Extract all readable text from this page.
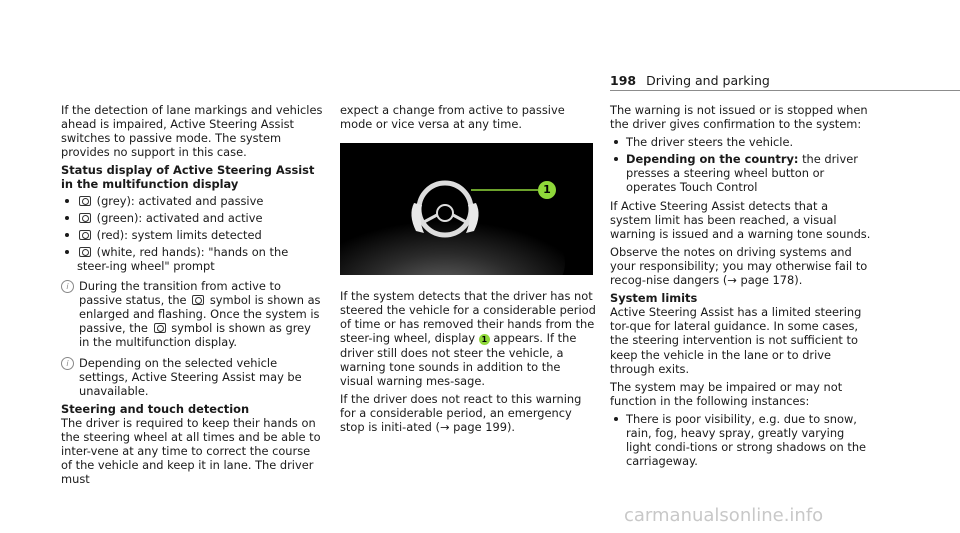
198 Driving and parking

If the detection of lane markings and vehicles ahead is impaired, Active Steering Assist switches to passive mode. The system provides no support in this case.

Status display of Active Steering Assist in the multifunction display
(grey): activated and passive
(green): activated and active
(red): system limits detected
(white, red hands): "hands on the steer-ing wheel" prompt
i During the transition from active to passive status, the symbol is shown as enlarged and flashing. Once the system is passive, the symbol is shown as grey in the multifunction display.
i Depending on the selected vehicle settings, Active Steering Assist may be unavailable.
Steering and touch detection

The driver is required to keep their hands on the steering wheel at all times and be able to inter-vene at any time to correct the course of the vehicle and keep it in lane. The driver must

expect a change from active to passive mode or vice versa at any time.

1

If the system detects that the driver has not steered the vehicle for a considerable period of time or has removed their hands from the steer-ing wheel, display 1 appears. If the driver still does not steer the vehicle, a warning tone sounds in addition to the visual warning mes-sage.

If the driver does not react to this warning for a considerable period, an emergency stop is initi-ated (→ page 199).

The warning is not issued or is stopped when the driver gives confirmation to the system:

The driver steers the vehicle.
Depending on the country: the driver presses a steering wheel button or operates Touch Control

If Active Steering Assist detects that a system limit has been reached, a visual warning is issued and a warning tone sounds.

Observe the notes on driving systems and your responsibility; you may otherwise fail to recog-nise dangers (→ page 178).

System limits

Active Steering Assist has a limited steering tor-que for lateral guidance. In some cases, the steering intervention is not sufficient to keep the vehicle in the lane or to drive through exits.

The system may be impaired or may not function in the following instances:

There is poor visibility, e.g. due to snow, rain, fog, heavy spray, greatly varying light condi-tions or strong shadows on the carriageway.
carmanualsonline.info
